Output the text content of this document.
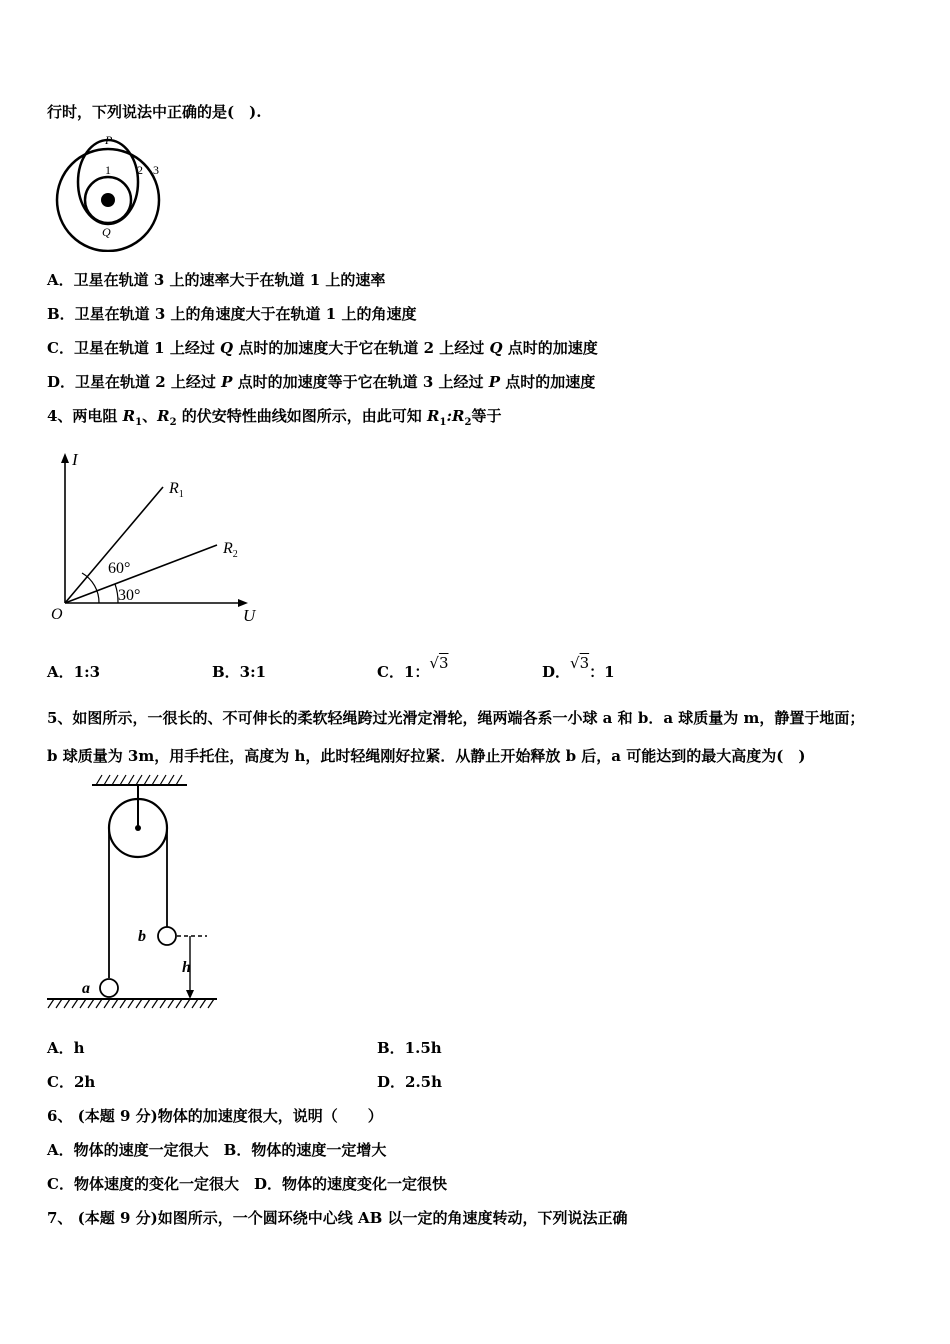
行时，下列说法中正确的是(　).
P
Q
1 2 3
A．卫星在轨道 3 上的速率大于在轨道 1 上的速率
B．卫星在轨道 3 上的角速度大于在轨道 1 上的角速度
C．卫星在轨道 1 上经过 Q 点时的加速度大于它在轨道 2 上经过 Q 点时的加速度
D．卫星在轨道 2 上经过 P 点时的加速度等于它在轨道 3 上经过 P 点时的加速度
4、两电阻 $R_1$、$R_2$ 的伏安特性曲线如图所示，由此可知 $R_1:R_2$等于
I
U
O
$R_1$
$R_2$
60°
30°
A．1:3	B．3:1	C．1：√3	D．√3：1
5、如图所示，一很长的、不可伸长的柔软轻绳跨过光滑定滑轮，绳两端各系一小球 a 和 b．a 球质量为 m，静置于地面；
b 球质量为 3m，用手托住，高度为 h，此时轻绳刚好拉紧．从静止开始释放 b 后，a 可能达到的最大高度为(　)
b
a
h
A．h	B．1.5h
C．2h	D．2.5h
6、 (本题 9 分)物体的加速度很大，说明（　　）
A．物体的速度一定很大　B．物体的速度一定增大
C．物体速度的变化一定很大　D．物体的速度变化一定很快
7、 (本题 9 分)如图所示，一个圆环绕中心线 AB 以一定的角速度转动，下列说法正确
